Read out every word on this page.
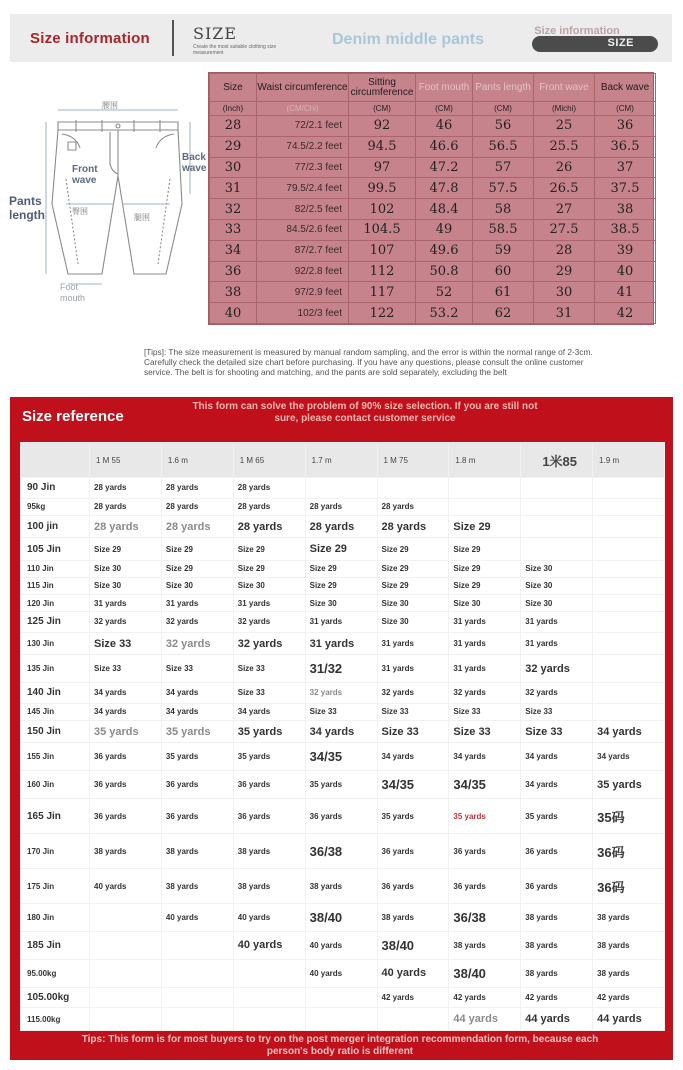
Size information	SIZE
Create the most suitable clothing size measurement
Denim middle pants	SIZE
Size information
腰围
Front wave
Back wave
Pants length	臀围
腿围
Foot mouth
Size	Waist circumference	Sitting circumference	Foot mouth	Pants length	Front wave	Back wave
(Inch)	(CM/Chi)	(CM)	(CM)	(CM)	(Michi)	(CM)
28	72/2.1 feet	92	46	56	25	36
29	74.5/2.2 feet	94.5	46.6	56.5	25.5	36.5
30	77/2.3 feet	97	47.2	57	26	37
31	79.5/2.4 feet	99.5	47.8	57.5	26.5	37.5
32	82/2.5 feet	102	48.4	58	27	38
33	84.5/2.6 feet	104.5	49	58.5	27.5	38.5
34	87/2.7 feet	107	49.6	59	28	39
36	92/2.8 feet	112	50.8	60	29	40
38	97/2.9 feet	117	52	61	30	41
40	102/3 feet	122	53.2	62	31	42
[Tips]: The size measurement is measured by manual random sampling, and the error is within the normal range of 2-3cm. Carefully check the detailed size chart before purchasing. If you have any questions, please consult the online customer service. The belt is for shooting and matching, and the pants are sold separately, excluding the belt
Size reference
This form can solve the problem of 90% size selection. If you are still not sure, please contact customer service
	1 M 55	1.6 m	1 M 65	1.7 m	1 M 75	1.8 m	1米85	1.9 m
90 Jin	28 yards	28 yards	28 yards					
95kg	28 yards	28 yards	28 yards	28 yards	28 yards			
100 jin	28 yards	28 yards	28 yards	28 yards	28 yards	Size 29		
105 Jin	Size 29	Size 29	Size 29	Size 29	Size 29	Size 29		
110 Jin	Size 30	Size 29	Size 29	Size 29	Size 29	Size 29	Size 30	
115 Jin	Size 30	Size 30	Size 30	Size 29	Size 29	Size 29	Size 30	
120 Jin	31 yards	31 yards	31 yards	Size 30	Size 30	Size 30	Size 30	
125 Jin	32 yards	32 yards	32 yards	31 yards	Size 30	31 yards	31 yards	
130 Jin	Size 33	32 yards	32 yards	31 yards	31 yards	31 yards	31 yards	
135 Jin	Size 33	Size 33	Size 33	31/32	31 yards	31 yards	32 yards	
140 Jin	34 yards	34 yards	Size 33	32 yards	32 yards	32 yards	32 yards	
145 Jin	34 yards	34 yards	34 yards	Size 33	Size 33	Size 33	Size 33	
150 Jin	35 yards	35 yards	35 yards	34 yards	Size 33	Size 33	Size 33	34 yards
155 Jin	36 yards	35 yards	35 yards	34/35	34 yards	34 yards	34 yards	34 yards
160 Jin	36 yards	36 yards	36 yards	35 yards	34/35	34/35	34 yards	35 yards
165 Jin	36 yards	36 yards	36 yards	36 yards	35 yards	35 yards	35 yards	35码
170 Jin	38 yards	38 yards	38 yards	36/38	36 yards	36 yards	36 yards	36码
175 Jin	40 yards	38 yards	38 yards	38 yards	36 yards	36 yards	36 yards	36码
180 Jin		40 yards	40 yards	38/40	38 yards	36/38	38 yards	38 yards
185 Jin			40 yards	40 yards	38/40	38 yards	38 yards	38 yards
95.00kg				40 yards	40 yards	38/40	38 yards	38 yards
105.00kg					42 yards	42 yards	42 yards	42 yards
115.00kg						44 yards	44 yards	44 yards
Tips: This form is for most buyers to try on the post merger integration recommendation form, because each person's body ratio is different
